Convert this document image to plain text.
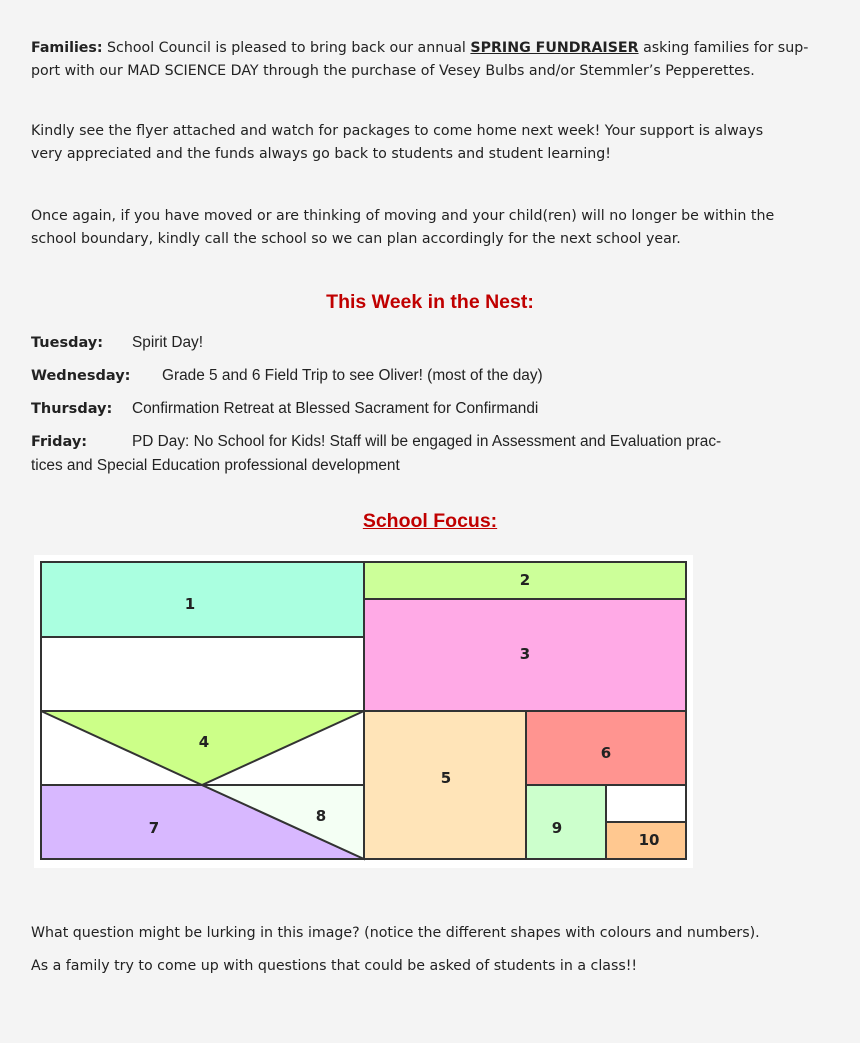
Families: School Council is pleased to bring back our annual SPRING FUNDRAISER asking families for sup-
port with our MAD SCIENCE DAY through the purchase of Vesey Bulbs and/or Stemmler’s Pepperettes.

Kindly see the flyer attached and watch for packages to come home next week! Your support is always
very appreciated and the funds always go back to students and student learning!

Once again, if you have moved or are thinking of moving and your child(ren) will no longer be within the
school boundary, kindly call the school so we can plan accordingly for the next school year.

This Week in the Nest:
Tuesday: Spirit Day!
Wednesday: Grade 5 and 6 Field Trip to see Oliver! (most of the day)
Thursday: Confirmation Retreat at Blessed Sacrament for Confirmandi
Friday:	PD Day: No School for Kids! Staff will be engaged in Assessment and Evaluation prac-
tices and Special Education professional development
School Focus:
1
2
3
4
5
6
7
8
9
10

What question might be lurking in this image? (notice the different shapes with colours and numbers).

As a family try to come up with questions that could be asked of students in a class!!
